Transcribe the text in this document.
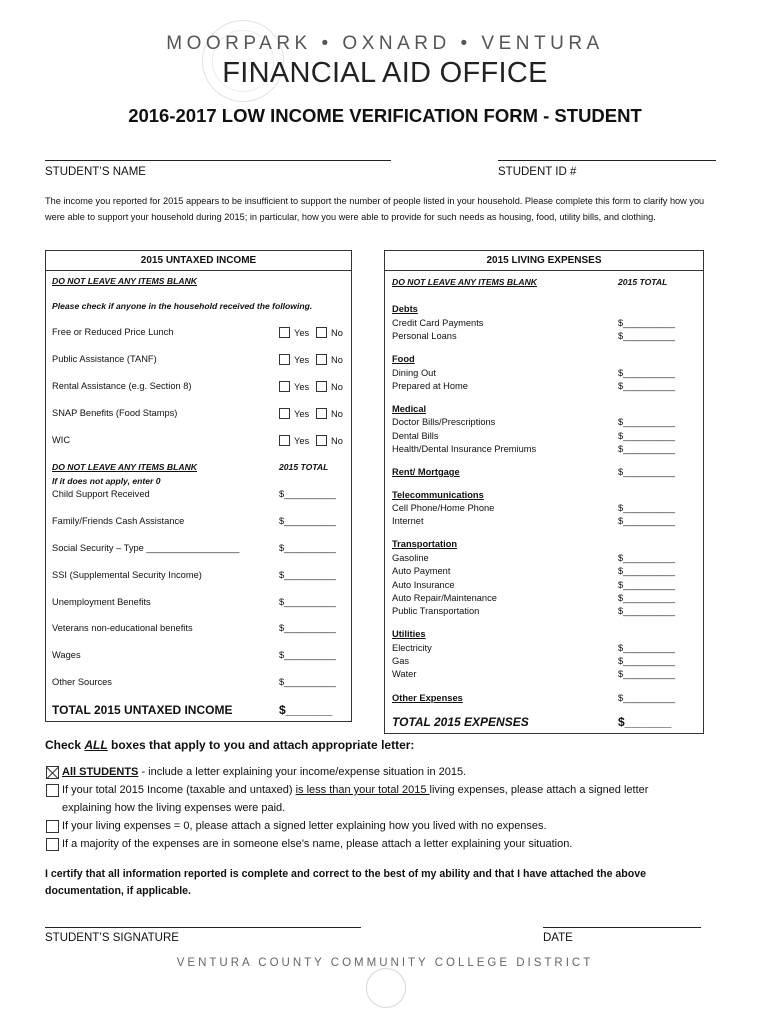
MOORPARK • OXNARD • VENTURA
FINANCIAL AID OFFICE
2016-2017 LOW INCOME VERIFICATION FORM - STUDENT
STUDENT’S NAME	STUDENT ID #
The income you reported for 2015 appears to be insufficient to support the number of people listed in your household. Please complete this form to clarify how you were able to support your household during 2015; in particular, how you were able to provide for such needs as housing, food, utility bills, and clothing.
2015 UNTAXED INCOME
DO NOT LEAVE ANY ITEMS BLANK
Please check if anyone in the household received the following.
Free or Reduced Price Lunch	Yes No
Public Assistance (TANF)	Yes No
Rental Assistance (e.g. Section 8)	Yes No
SNAP Benefits (Food Stamps)	Yes No
WIC	Yes No
DO NOT LEAVE ANY ITEMS BLANK	2015 TOTAL
If it does not apply, enter 0
Child Support Received	$__________
Family/Friends Cash Assistance	$__________
Social Security – Type __________________	$__________
SSI (Supplemental Security Income)	$__________
Unemployment Benefits	$__________
Veterans non-educational benefits	$__________
Wages	$__________
Other Sources	$__________
TOTAL 2015 UNTAXED INCOME	$_______
2015 LIVING EXPENSES
DO NOT LEAVE ANY ITEMS BLANK	2015 TOTAL
Debts
Credit Card Payments	$__________
Personal Loans	$__________
Food
Dining Out	$__________
Prepared at Home	$__________
Medical
Doctor Bills/Prescriptions	$__________
Dental Bills	$__________
Health/Dental Insurance Premiums	$__________
Rent/ Mortgage	$__________
Telecommunications
Cell Phone/Home Phone	$__________
Internet	$__________
Transportation
Gasoline	$__________
Auto Payment	$__________
Auto Insurance	$__________
Auto Repair/Maintenance	$__________
Public Transportation	$__________
Utilities
Electricity	$__________
Gas	$__________
Water	$__________
Other Expenses	$__________
TOTAL 2015 EXPENSES	$_______
Check ALL boxes that apply to you and attach appropriate letter:
All STUDENTS - include a letter explaining your income/expense situation in 2015.
If your total 2015 Income (taxable and untaxed) is less than your total 2015 living expenses, please attach a signed letter
explaining how the living expenses were paid.
If your living expenses = 0, please attach a signed letter explaining how you lived with no expenses.
If a majority of the expenses are in someone else’s name, please attach a letter explaining your situation.
I certify that all information reported is complete and correct to the best of my ability and that I have attached the above documentation, if applicable.
STUDENT’S SIGNATURE	DATE
VENTURA COUNTY COMMUNITY COLLEGE DISTRICT
